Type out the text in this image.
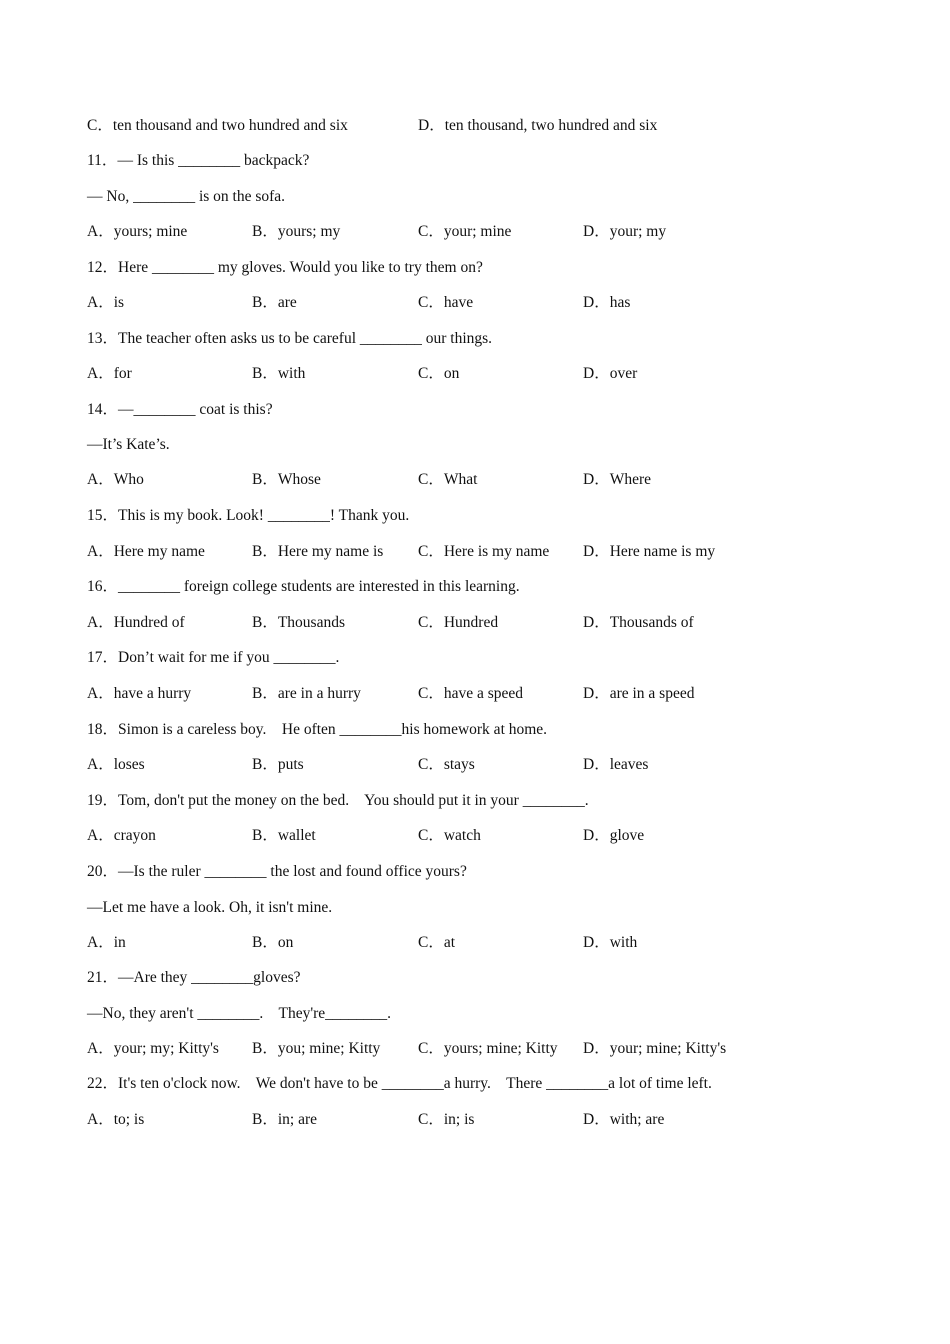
C．ten thousand and two hundred and six

	D．ten thousand, two hundred and six

11．— Is this ________ backpack?
— No, ________ is on the sofa.

A．yours; mine

	B．yours; my

	C．your; mine

	D．your; my

12．Here ________ my gloves. Would you like to try them on?

A．is

	B．are

	C．have

	D．has

13．The teacher often asks us to be careful ________ our things.

A．for

	B．with

	C．on

	D．over

14．—________ coat is this?
—It’s Kate’s.

A．Who

	B．Whose

	C．What

	D．Where

15．This is my book. Look! ________! Thank you.

A．Here my name

	B．Here my name is

C．Here is my name

D．Here name is my

16．________ foreign college students are interested in this learning.

A．Hundred of

	B．Thousands

	C．Hundred

	D．Thousands of

17．Don’t wait for me if you ________.

A．have a hurry

	B．are in a hurry

	C．have a speed

	D．are in a speed

18．Simon is a careless boy.    He often ________his homework at home.

A．loses

	B．puts

	C．stays

	D．leaves

19．Tom, don't put the money on the bed.    You should put it in your ________.

A．crayon

	B．wallet

	C．watch

	D．glove

20．—Is the ruler ________ the lost and found office yours?
—Let me have a look. Oh, it isn't mine.

A．in

	B．on

	C．at

	D．with

21．—Are they ________gloves?
—No, they aren't ________.    They're________.

A．your; my; Kitty's

B．you; mine; Kitty

C．yours; mine; Kitty

D．your; mine; Kitty's

22．It's ten o'clock now.    We don't have to be ________a hurry.    There ________a lot of time left.

A．to; is

	B．in; are

	C．in; is

	D．with; are
